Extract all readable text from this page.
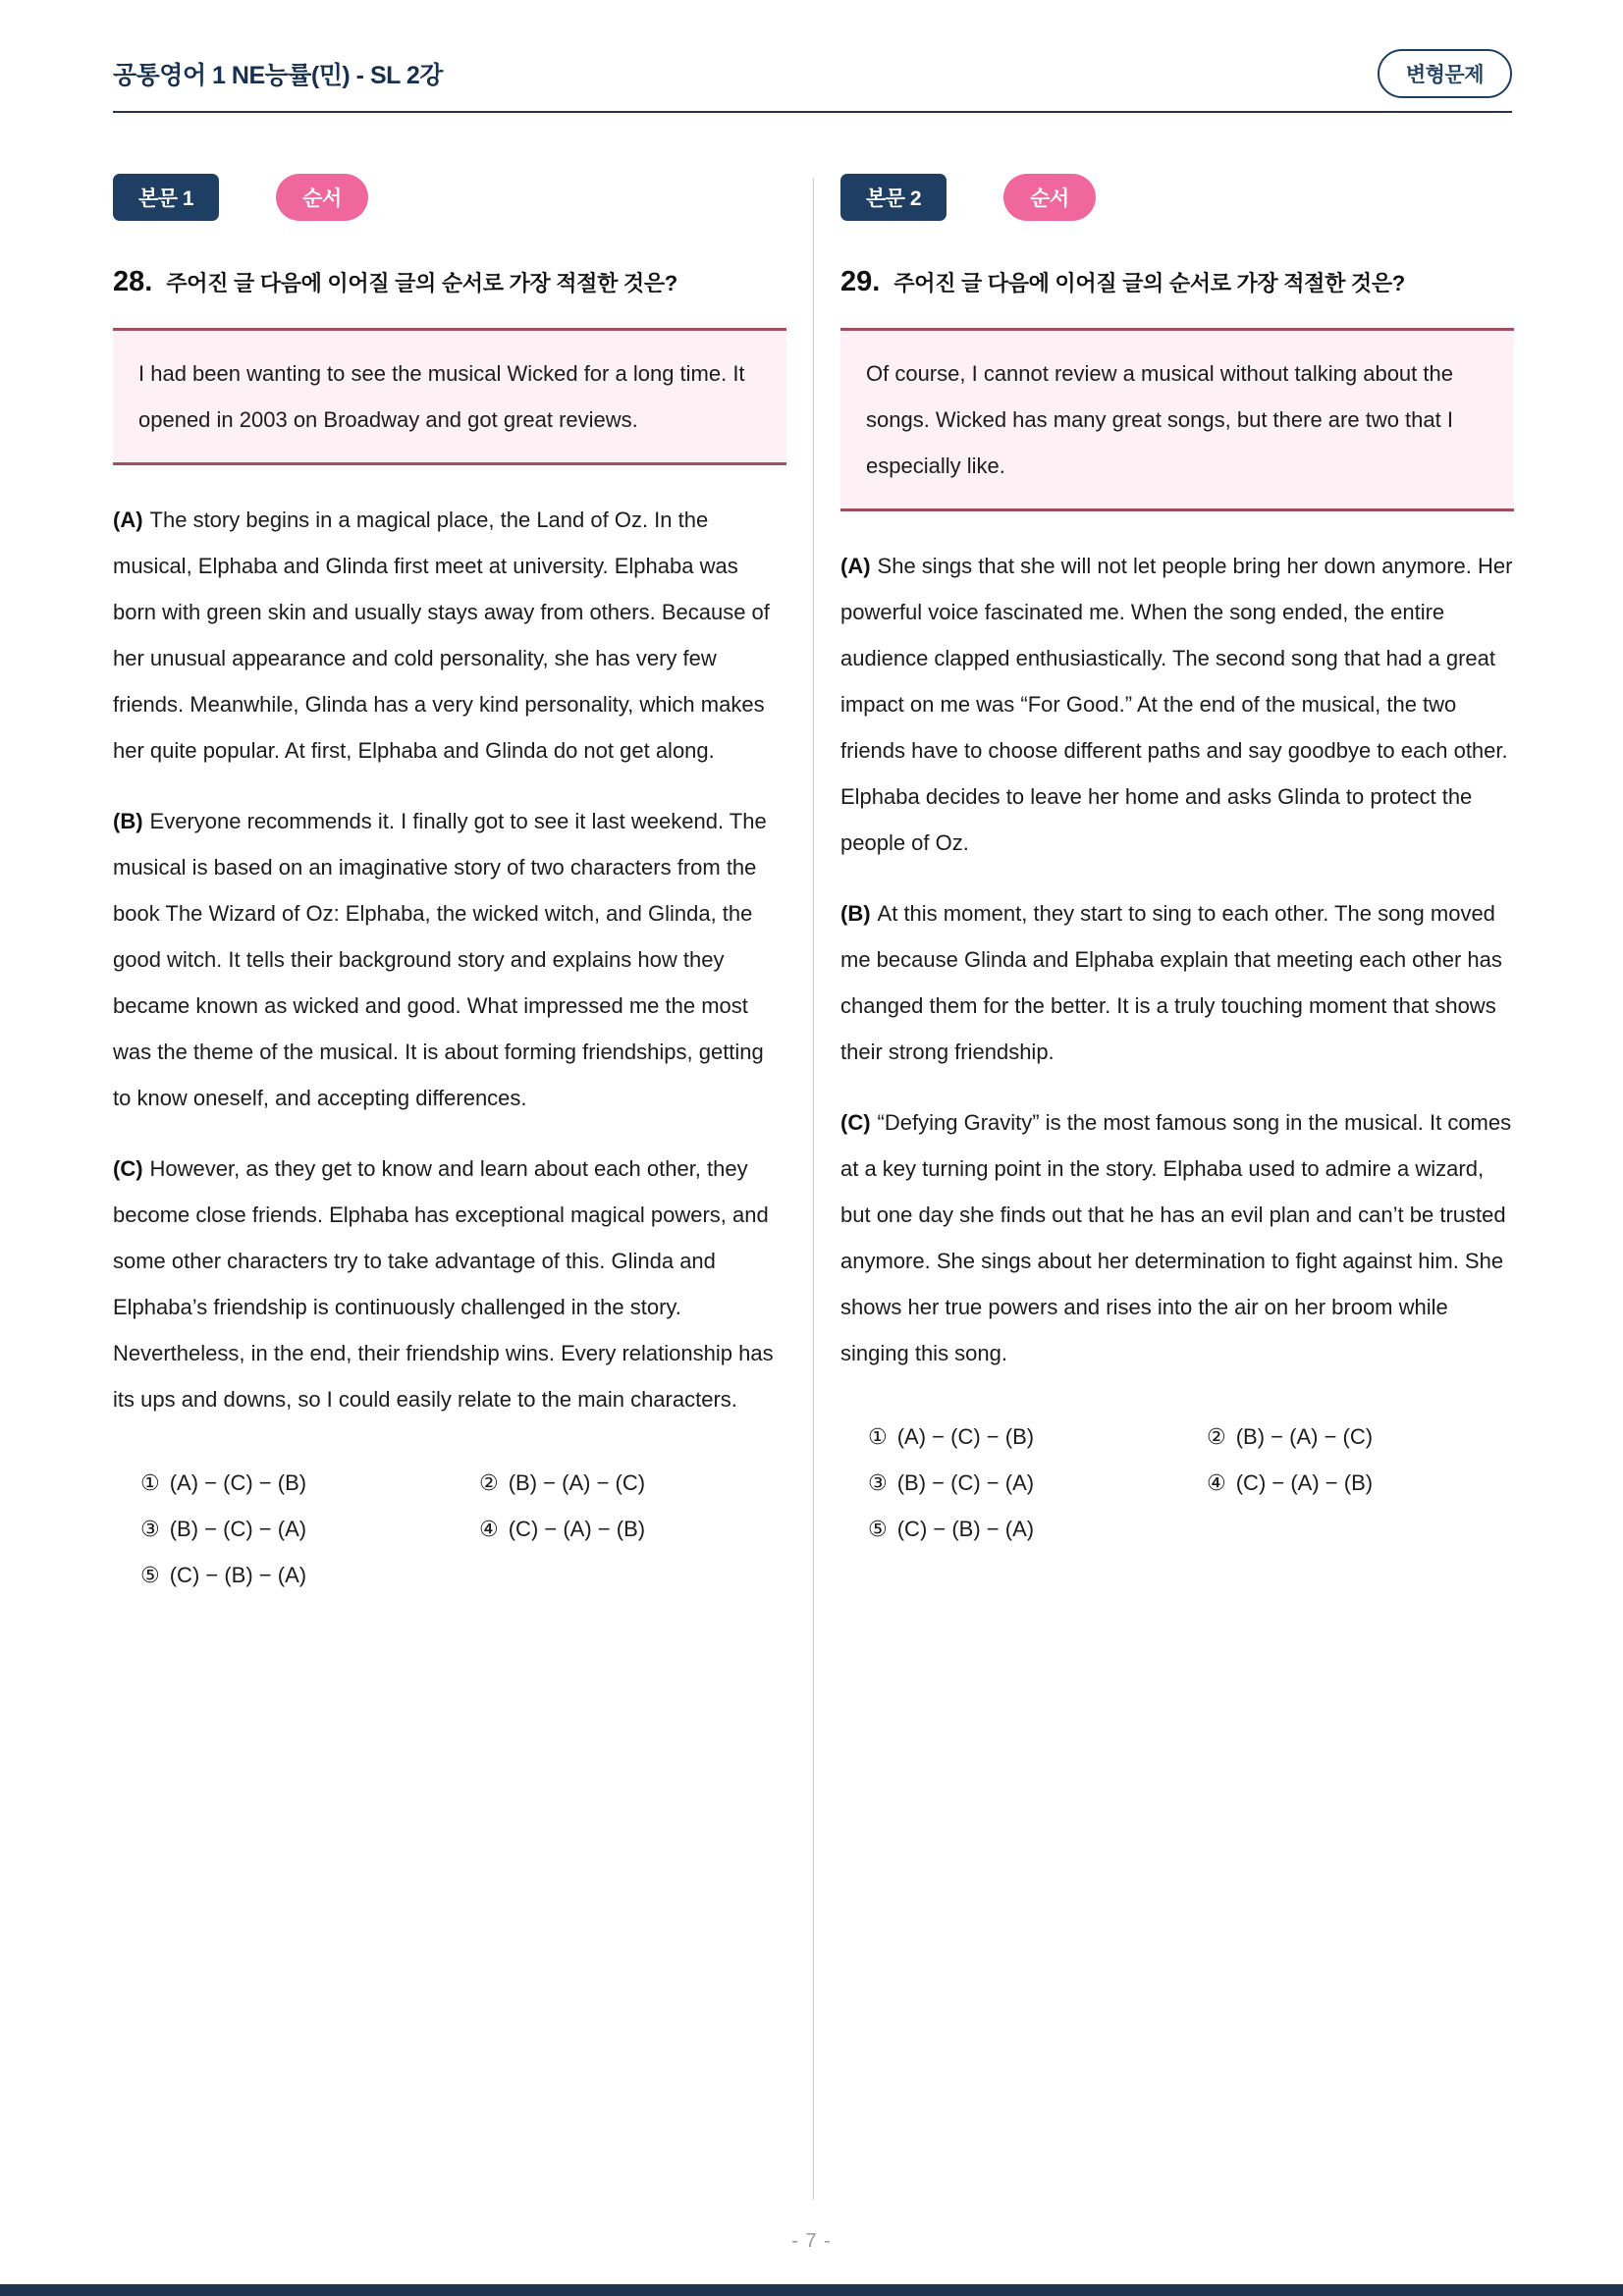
공통영어 1 NE능률(민) - SL 2강	변형문제
본문 1	순서
28. 주어진 글 다음에 이어질 글의 순서로 가장 적절한 것은?

I had been wanting to see the musical Wicked for a long time. It opened in 2003 on Broadway and got great reviews.

(A) The story begins in a magical place, the Land of Oz. In the musical, Elphaba and Glinda first meet at university. Elphaba was born with green skin and usually stays away from others. Because of her unusual appearance and cold personality, she has very few friends. Meanwhile, Glinda has a very kind personality, which makes her quite popular. At first, Elphaba and Glinda do not get along.

(B) Everyone recommends it. I finally got to see it last weekend. The musical is based on an imaginative story of two characters from the book The Wizard of Oz: Elphaba, the wicked witch, and Glinda, the good witch. It tells their background story and explains how they became known as wicked and good. What impressed me the most was the theme of the musical. It is about forming friendships, getting to know oneself, and accepting differences.

(C) However, as they get to know and learn about each other, they become close friends. Elphaba has exceptional magical powers, and some other characters try to take advantage of this. Glinda and Elphaba’s friendship is continuously challenged in the story. Nevertheless, in the end, their friendship wins. Every relationship has its ups and downs, so I could easily relate to the main characters.

① (A) − (C) − (B)	② (B) − (A) − (C)
③ (B) − (C) − (A)	④ (C) − (A) − (B)
⑤ (C) − (B) − (A)
본문 2	순서
29. 주어진 글 다음에 이어질 글의 순서로 가장 적절한 것은?

Of course, I cannot review a musical without talking about the songs. Wicked has many great songs, but there are two that I especially like.

(A) She sings that she will not let people bring her down anymore. Her powerful voice fascinated me. When the song ended, the entire audience clapped enthusiastically. The second song that had a great impact on me was “For Good.” At the end of the musical, the two friends have to choose different paths and say goodbye to each other. Elphaba decides to leave her home and asks Glinda to protect the people of Oz.

(B) At this moment, they start to sing to each other. The song moved me because Glinda and Elphaba explain that meeting each other has changed them for the better. It is a truly touching moment that shows their strong friendship.

(C) “Defying Gravity” is the most famous song in the musical. It comes at a key turning point in the story. Elphaba used to admire a wizard, but one day she finds out that he has an evil plan and can’t be trusted anymore. She sings about her determination to fight against him. She shows her true powers and rises into the air on her broom while singing this song.

① (A) − (C) − (B)	② (B) − (A) − (C)
③ (B) − (C) − (A)	④ (C) − (A) − (B)
⑤ (C) − (B) − (A)
- 7 -
